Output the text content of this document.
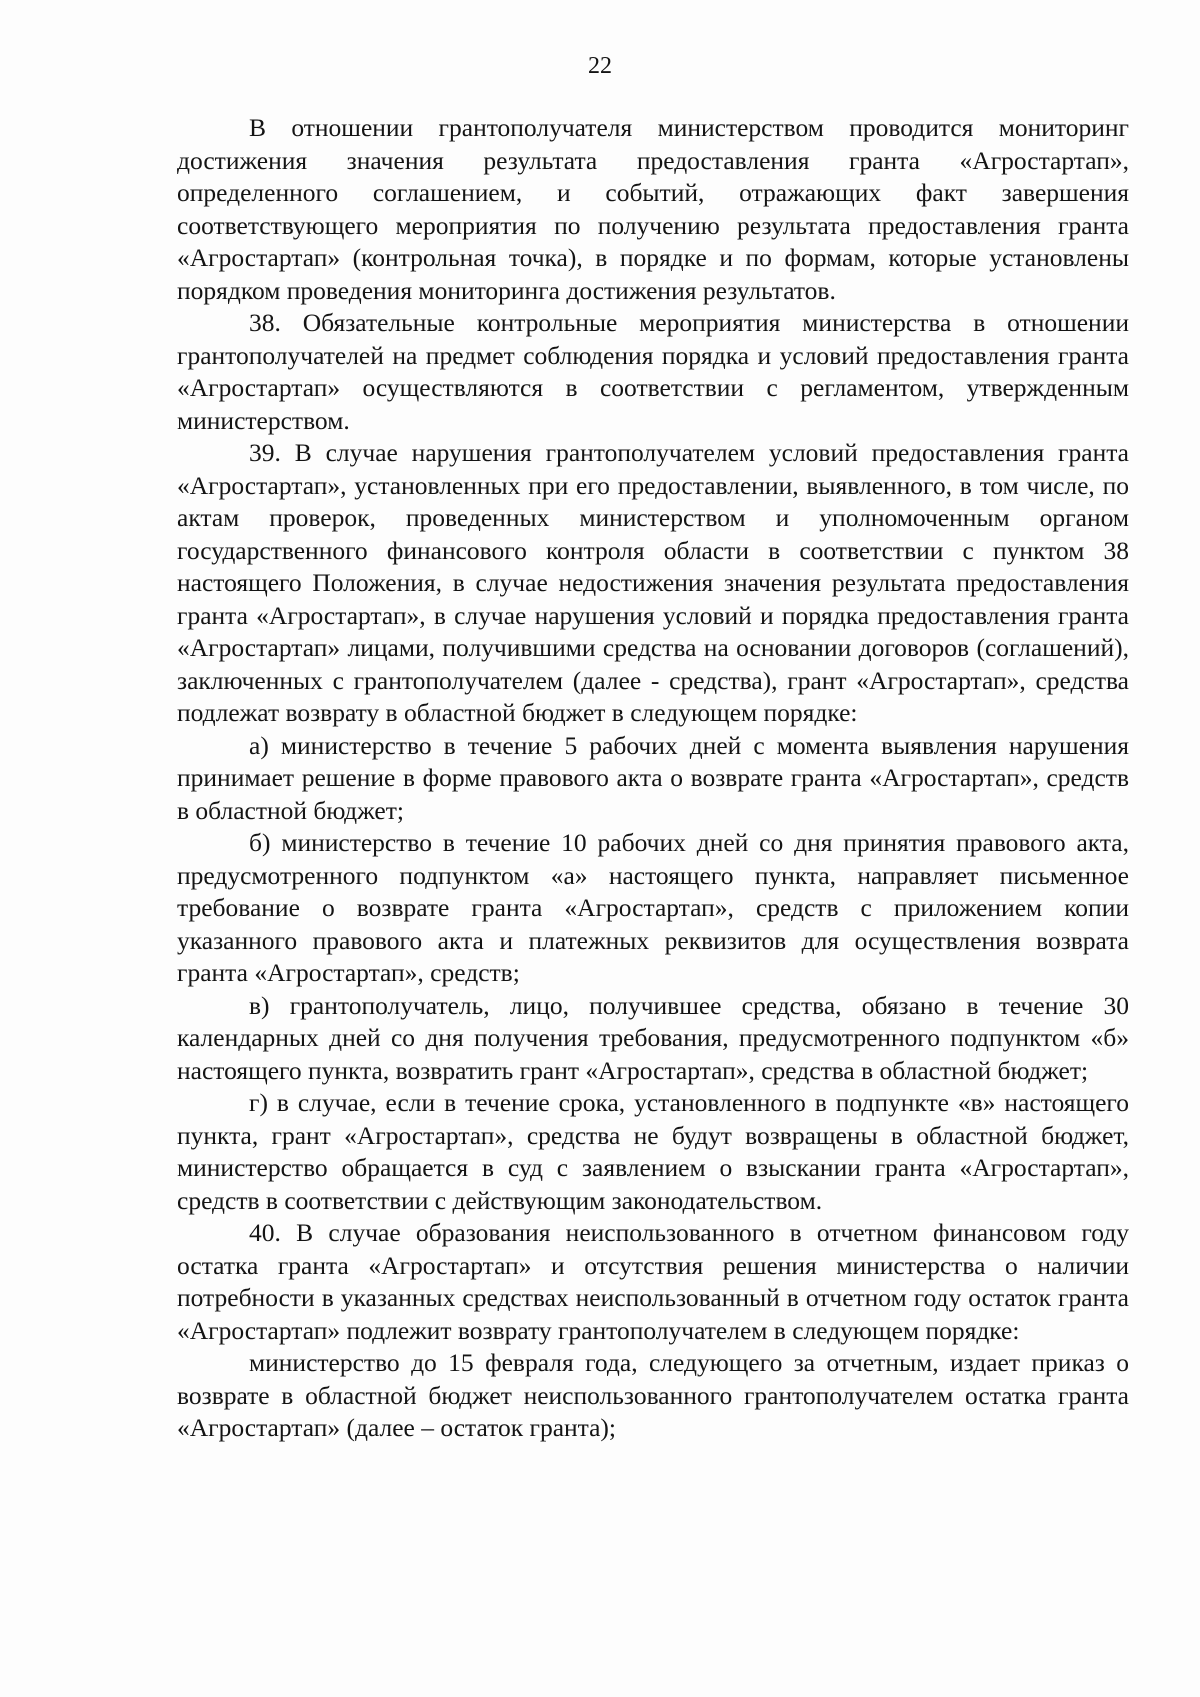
22

В отношении грантополучателя министерством проводится мониторинг достижения значения результата предоставления гранта «Агростартап», определенного соглашением, и событий, отражающих факт завершения соответствующего мероприятия по получению результата предоставления гранта «Агростартап» (контрольная точка), в порядке и по формам, которые установлены порядком проведения мониторинга достижения результатов.

38. Обязательные контрольные мероприятия министерства в отношении грантополучателей на предмет соблюдения порядка и условий предоставления гранта «Агростартап» осуществляются в соответствии с регламентом, утвержденным министерством.

39. В случае нарушения грантополучателем условий предоставления гранта «Агростартап», установленных при его предоставлении, выявленного, в том числе, по актам проверок, проведенных министерством и уполномоченным органом государственного финансового контроля области в соответствии с пунктом 38 настоящего Положения, в случае недостижения значения результата предоставления гранта «Агростартап», в случае нарушения условий и порядка предоставления гранта «Агростартап» лицами, получившими средства на основании договоров (соглашений), заключенных с грантополучателем (далее - средства), грант «Агростартап», средства подлежат возврату в областной бюджет в следующем порядке:

а) министерство в течение 5 рабочих дней с момента выявления нарушения принимает решение в форме правового акта о возврате гранта «Агростартап», средств в областной бюджет;

б) министерство в течение 10 рабочих дней со дня принятия правового акта, предусмотренного подпунктом «а» настоящего пункта, направляет письменное требование о возврате гранта «Агростартап», средств с приложением копии указанного правового акта и платежных реквизитов для осуществления возврата гранта «Агростартап», средств;

в) грантополучатель, лицо, получившее средства, обязано в течение 30 календарных дней со дня получения требования, предусмотренного подпунктом «б» настоящего пункта, возвратить грант «Агростартап», средства в областной бюджет;

г) в случае, если в течение срока, установленного в подпункте «в» настоящего пункта, грант «Агростартап», средства не будут возвращены в областной бюджет, министерство обращается в суд с заявлением о взыскании гранта «Агростартап», средств в соответствии с действующим законодательством.

40. В случае образования неиспользованного в отчетном финансовом году остатка гранта «Агростартап» и отсутствия решения министерства о наличии потребности в указанных средствах неиспользованный в отчетном году остаток гранта «Агростартап» подлежит возврату грантополучателем в следующем порядке:

министерство до 15 февраля года, следующего за отчетным, издает приказ о возврате в областной бюджет неиспользованного грантополучателем остатка гранта «Агростартап» (далее – остаток гранта);
